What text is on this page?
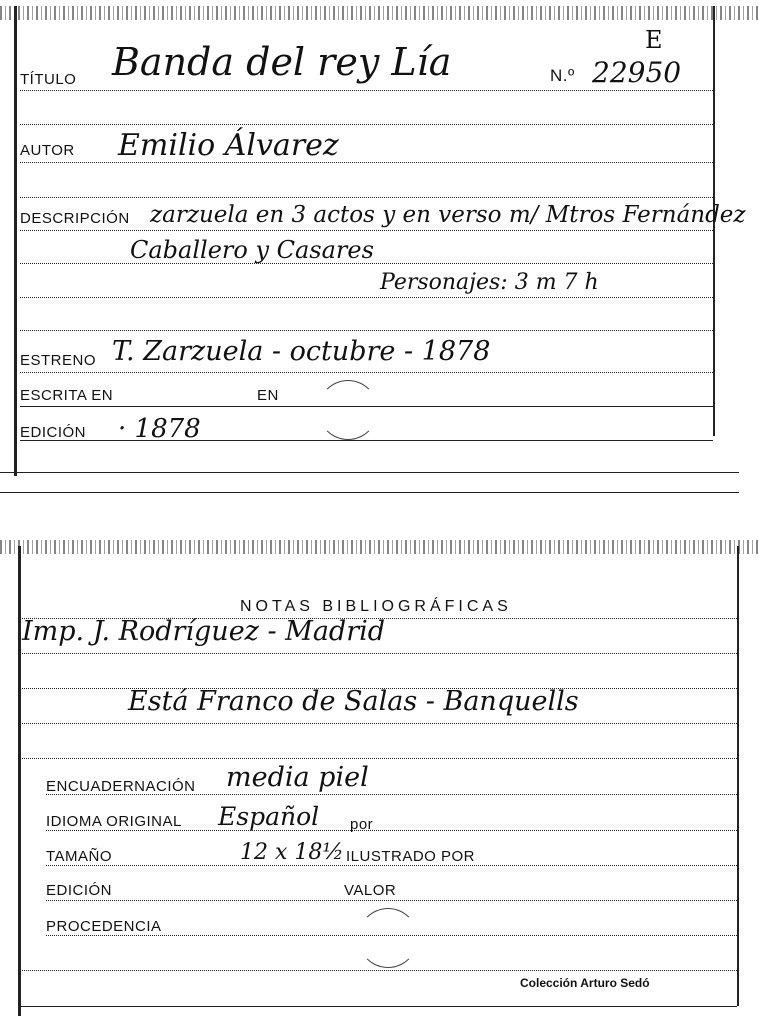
E
TÍTULO Banda del rey Lía	N.º 22950
AUTOR Emilio Álvarez
DESCRIPCIÓN zarzuela en 3 actos y en verso m/ Mtros Fernández
Caballero y Casares
Personajes: 3 m 7 h
ESTRENO T. Zarzuela - octubre - 1878
ESCRITA EN	EN
EDICIÓN · 1878
NOTAS BIBLIOGRÁFICAS
Imp. J. Rodríguez - Madrid
Está Franco de Salas - Banquells
ENCUADERNACIÓN media piel
IDIOMA ORIGINAL Español por
TAMAÑO	12 x 18½ ILUSTRADO POR
EDICIÓN	VALOR
PROCEDENCIA
Colección Arturo Sedó
